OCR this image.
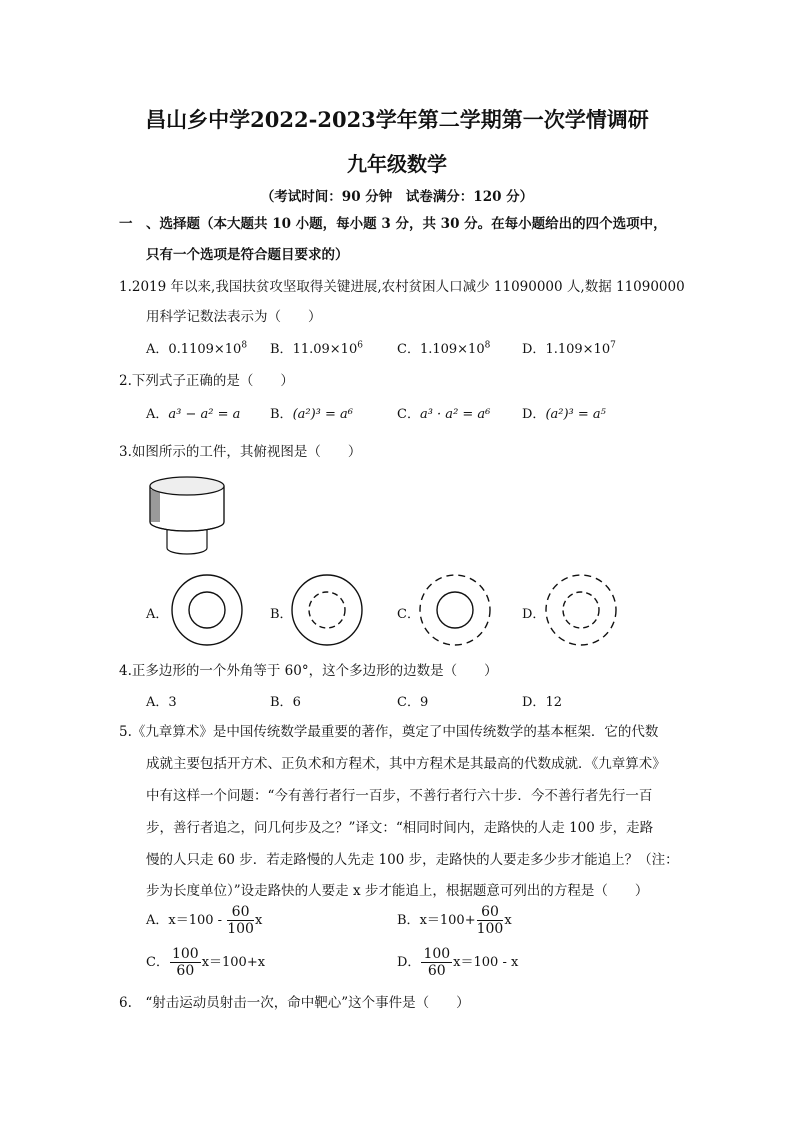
昌山乡中学2022-2023学年第二学期第一次学情调研
九年级数学
（考试时间：90 分钟　试卷满分：120 分）
一　、选择题（本大题共 10 小题，每小题 3 分，共 30 分。在每小题给出的四个选项中，
只有一个选项是符合题目要求的）
1.2019 年以来,我国扶贫攻坚取得关键进展,农村贫困人口减少 11090000 人,数据 11090000
用科学记数法表示为（　　）
A．$0.1109\times 10^8$ B．$11.09\times 10^6$	C．$1.109\times 10^8$ D．$1.109\times 10^7$
2.下列式子正确的是（　　）
A．a³ − a² = a B．(a²)³ = a⁶	C．a³ · a² = a⁶ D．(a²)³ = a⁵
3.如图所示的工件，其俯视图是（　　）
A．	B．	C．	D．
4.正多边形的一个外角等于 60°，这个多边形的边数是（　　）
A．3	B．6	C．9	D．12
5.《九章算术》是中国传统数学最重要的著作，奠定了中国传统数学的基本框架．它的代数
成就主要包括开方术、正负术和方程术，其中方程术是其最高的代数成就．《九章算术》
中有这样一个问题：“今有善行者行一百步，不善行者行六十步．今不善行者先行一百
步，善行者追之，问几何步及之？”译文：“相同时间内，走路快的人走 100 步，走路
慢的人只走 60 步．若走路慢的人先走 100 步，走路快的人要走多少步才能追上？（注：
步为长度单位）”设走路快的人要走 x 步才能追上，根据题意可列出的方程是（　　）
A．$x=100 - \frac{60}{100}$ x	B．$x=100+ \frac{60}{100}$ x
C． $\frac{100}{60} x=100+x$	D． $\frac{100}{60} x=100 - x$
6.　“射击运动员射击一次，命中靶心”这个事件是（　　）
